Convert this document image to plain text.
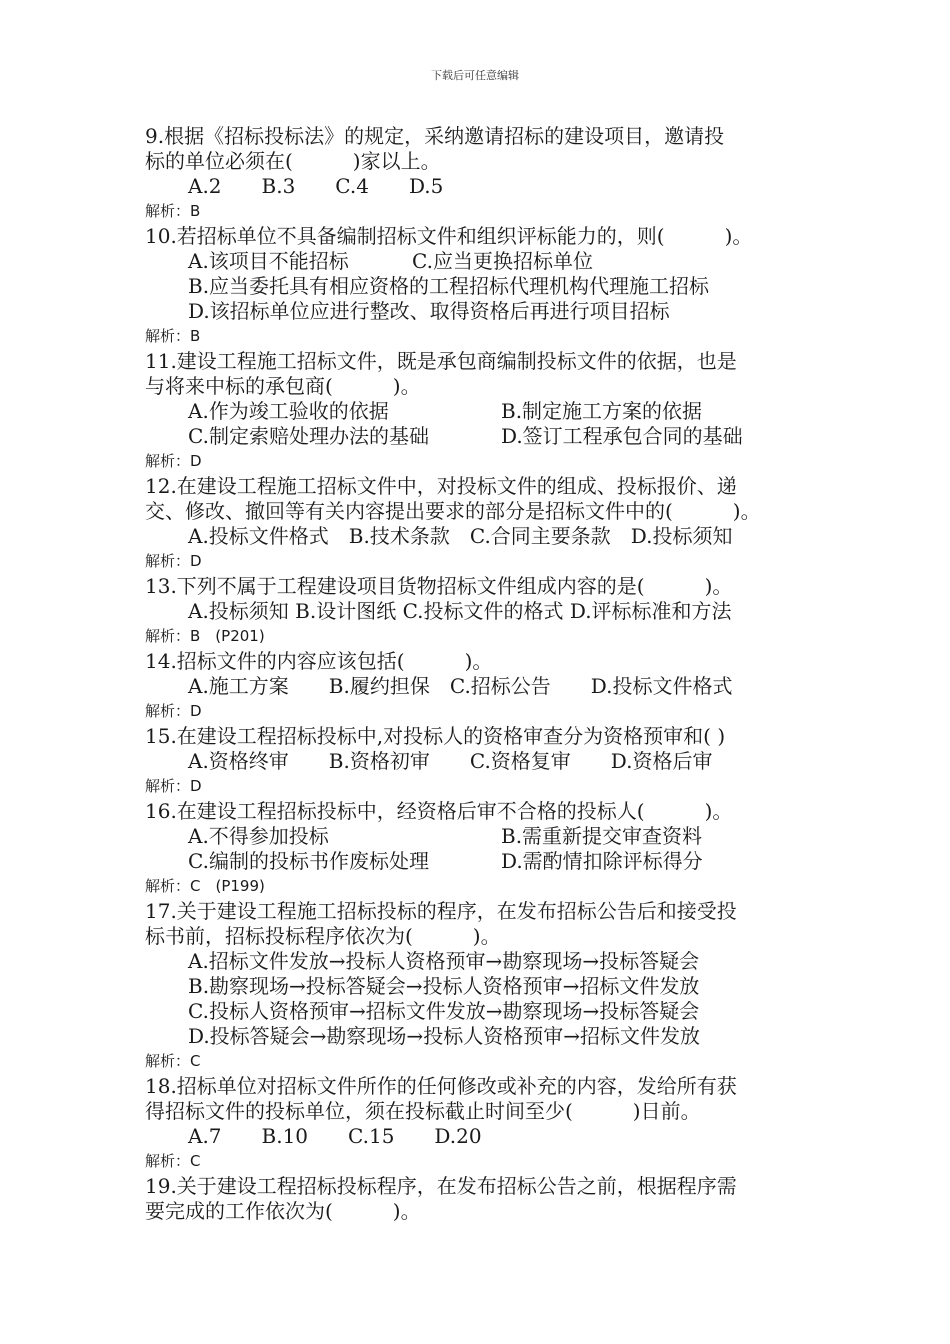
下载后可任意编辑
9.根据《招标投标法》的规定，采纳邀请招标的建设项目，邀请投
标的单位必须在(　　　)家以上。
A.2　　B.3　　C.4　　D.5
解析：B
10.若招标单位不具备编制招标文件和组织评标能力的，则(　　　)。
A.该项目不能招标	C.应当更换招标单位
B.应当委托具有相应资格的工程招标代理机构代理施工招标
D.该招标单位应进行整改、取得资格后再进行项目招标
解析：B
11.建设工程施工招标文件，既是承包商编制投标文件的依据，也是
与将来中标的承包商(　　　)。
A.作为竣工验收的依据	B.制定施工方案的依据
C.制定索赔处理办法的基础	D.签订工程承包合同的基础
解析：D
12.在建设工程施工招标文件中，对投标文件的组成、投标报价、递
交、修改、撤回等有关内容提出要求的部分是招标文件中的(　　　)。
A.投标文件格式　B.技术条款　C.合同主要条款　D.投标须知
解析：D
13.下列不属于工程建设项目货物招标文件组成内容的是(　　　)。
A.投标须知 B.设计图纸 C.投标文件的格式 D.评标标准和方法
解析：B　(P201)
14.招标文件的内容应该包括(　　　)。
A.施工方案　　B.履约担保　C.招标公告　　D.投标文件格式
解析：D
15.在建设工程招标投标中,对投标人的资格审查分为资格预审和( )
A.资格终审　　B.资格初审　　C.资格复审　　D.资格后审
解析：D
16.在建设工程招标投标中，经资格后审不合格的投标人(　　　)。
A.不得参加投标	B.需重新提交审查资料
C.编制的投标书作废标处理	D.需酌情扣除评标得分
解析：C　(P199)
17.关于建设工程施工招标投标的程序，在发布招标公告后和接受投
标书前，招标投标程序依次为(　　　)。
A.招标文件发放→投标人资格预审→勘察现场→投标答疑会
B.勘察现场→投标答疑会→投标人资格预审→招标文件发放
C.投标人资格预审→招标文件发放→勘察现场→投标答疑会
D.投标答疑会→勘察现场→投标人资格预审→招标文件发放
解析：C
18.招标单位对招标文件所作的任何修改或补充的内容，发给所有获
得招标文件的投标单位，须在投标截止时间至少(　　　)日前。
A.7　　B.10　　C.15　　D.20
解析：C
19.关于建设工程招标投标程序，在发布招标公告之前，根据程序需
要完成的工作依次为(　　　)。
